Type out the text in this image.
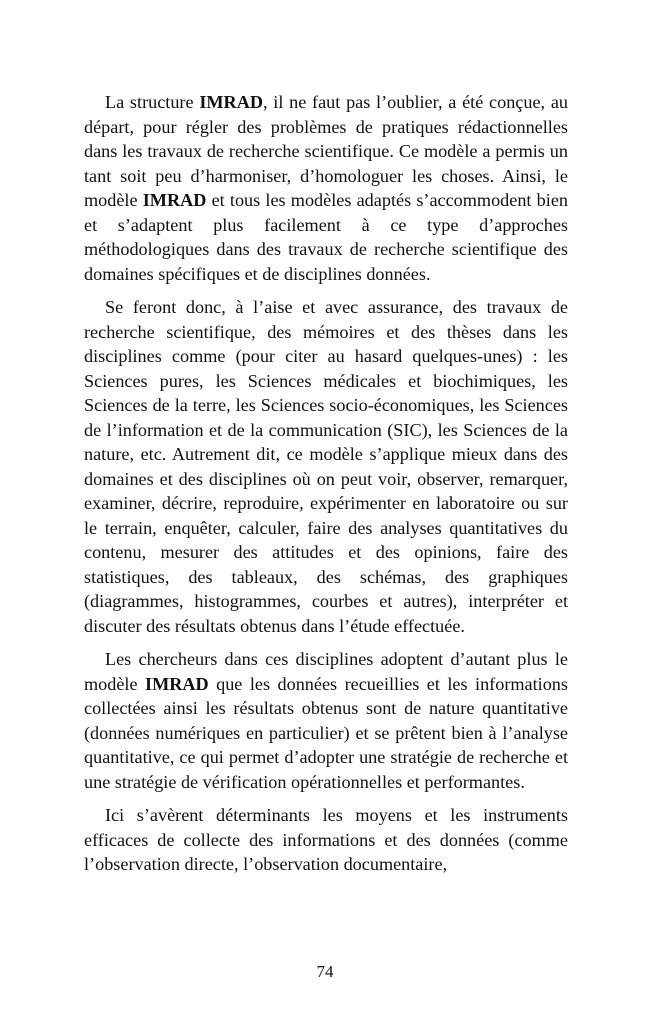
La structure IMRAD, il ne faut pas l’oublier, a été conçue, au départ, pour régler des problèmes de pratiques rédactionnelles dans les travaux de recherche scientifique. Ce modèle a permis un tant soit peu d’harmoniser, d’homologuer les choses. Ainsi, le modèle IMRAD et tous les modèles adaptés s’accommodent bien et s’adaptent plus facilement à ce type d’approches méthodologiques dans des travaux de recherche scientifique des domaines spécifiques et de disciplines données.

Se feront donc, à l’aise et avec assurance, des travaux de recherche scientifique, des mémoires et des thèses dans les disciplines comme (pour citer au hasard quelques-unes) : les Sciences pures, les Sciences médicales et biochimiques, les Sciences de la terre, les Sciences socio-économiques, les Sciences de l’information et de la communication (SIC), les Sciences de la nature, etc. Autrement dit, ce modèle s’applique mieux dans des domaines et des disciplines où on peut voir, observer, remarquer, examiner, décrire, reproduire, expérimenter en laboratoire ou sur le terrain, enquêter, calculer, faire des analyses quantitatives du contenu, mesurer des attitudes et des opinions, faire des statistiques, des tableaux, des schémas, des graphiques (diagrammes, histogrammes, courbes et autres), interpréter et discuter des résultats obtenus dans l’étude effectuée.

Les chercheurs dans ces disciplines adoptent d’autant plus le modèle IMRAD que les données recueillies et les informations collectées ainsi les résultats obtenus sont de nature quantitative (données numériques en particulier) et se prêtent bien à l’analyse quantitative, ce qui permet d’adopter une stratégie de recherche et une stratégie de vérification opérationnelles et performantes.

Ici s’avèrent déterminants les moyens et les instruments efficaces de collecte des informations et des données (comme l’observation directe, l’observation documentaire,

74
